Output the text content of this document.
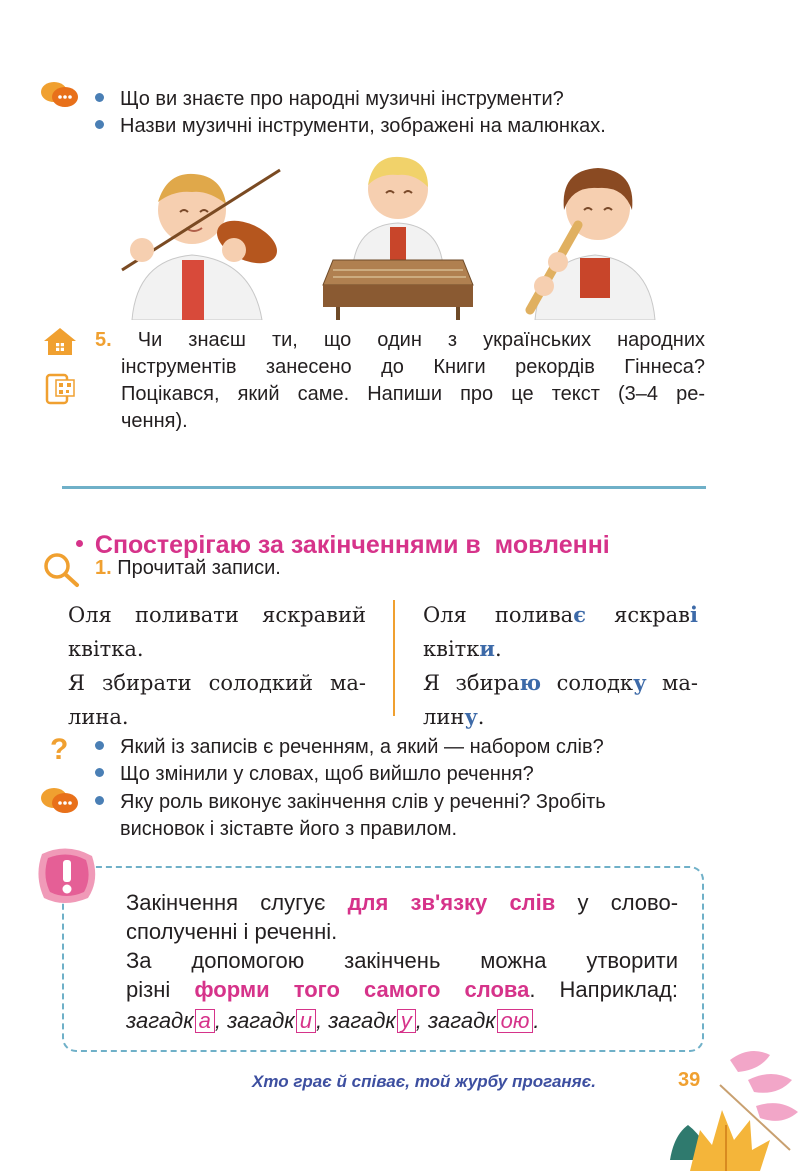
Що ви знаєте про народні музичні інструменти?
Назви музичні інструменти, зображені на малюнках.
5. Чи знаєш ти, що один з українських народних
інструментів занесено до Книги рекордів Гіннеса?
Поцікався, який саме. Напиши про це текст (3–4 ре-
чення).

Спостерігаю за закінченнями в  мовленні

1. Прочитай записи.
Оля поливати яскравий
квітка.
Я збирати солодкий ма-
лина.
Оля поливає яскраві
квітки.
Я збираю солодку ма-
лину.
?	Який із записів є реченням, а який — набором слів?
Що змінили у словах, щоб вийшло речення?
Яку роль виконує закінчення слів у реченні? Зробіть
висновок і зіставте його з правилом.
Закінчення слугує для зв'язку слів у слово-
сполученні і реченні.
За допомогою закінчень можна утворити
різні форми того самого слова. Наприклад:
загадк а , загадк и , загадк у , загадк ою .
Хто грає й співає, той журбу проганяє.	39
